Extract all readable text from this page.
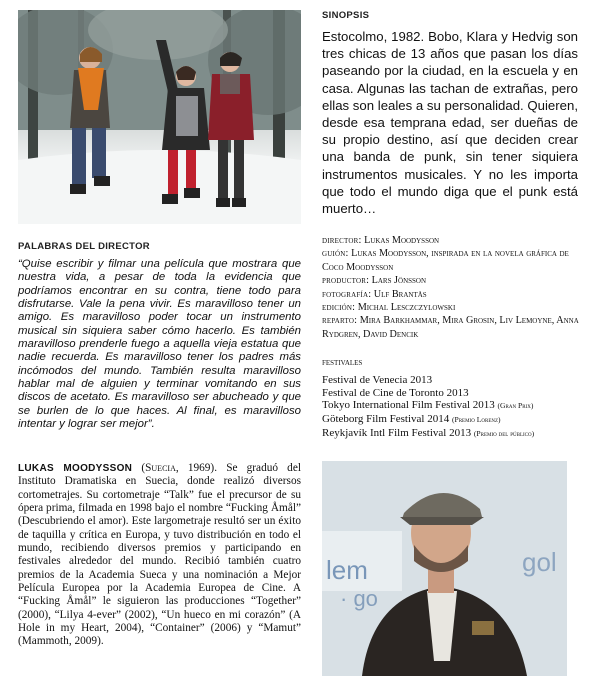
SINOPSIS
Estocolmo, 1982. Bobo, Klara y Hedvig son tres chicas de 13 años que pasan los días paseando por la ciudad, en la escuela y en casa. Algunas las tachan de extrañas, pero ellas son leales a su personalidad. Quieren, desde esa temprana edad, ser dueñas de su propio destino, así que deciden crear una banda de punk, sin tener siquiera instrumentos musicales. Y no les importa que todo el mundo diga que el punk está muerto…
director: Lukas Moodysson
guión: Lukas Moodysson, inspirada en la novela gráfica de Coco Moodysson
productor: Lars Jönsson
fotografía: Ulf Brantås
edición: Michal Lesczczylowski
reparto: Mira Barkhammar, Mira Grosin, Liv Lemoyne, Anna Rydgren, David Dencik
festivales
Festival de Venecia 2013
Festival de Cine de Toronto 2013
Tokyo International Film Festival 2013 (Gran Prix)
Göteborg Film Festival 2014 (Premio Lorenz)
Reykjavík Intl Film Festival 2013 (Premio del público)
PALABRAS DEL DIRECTOR
“Quise escribir y filmar una película que mostrara que nuestra vida, a pesar de toda la evidencia que podríamos encontrar en su contra, tiene todo para disfrutarse. Vale la pena vivir. Es maravilloso tener un amigo. Es maravilloso poder tocar un instrumento musical sin siquiera saber cómo hacerlo. Es también maravilloso prenderle fuego a aquella vieja estatua que nadie recuerda. Es maravilloso tener los padres más incómodos del mundo. También resulta maravilloso hablar mal de alguien y terminar vomitando en sus discos de acetato. Es maravilloso ser abucheado y que se burlen de lo que haces. Al final, es maravilloso intentar y lograr ser mejor”.
LUKAS MOODYSSON (Suecia, 1969). Se graduó del Instituto Dramatiska en Suecia, donde realizó diversos cortometrajes. Su cortometraje “Talk” fue el precursor de su ópera prima, filmada en 1998 bajo el nombre “Fucking Åmål” (Descubriendo el amor). Este largometraje resultó ser un éxito de taquilla y crítica en Europa, y tuvo distribución en todo el mundo, recibiendo diversos premios y participando en festivales alrededor del mundo. Recibió también cuatro premios de la Academia Sueca y una nominación a Mejor Película Europea por la Academia Europea de Cine. A “Fucking Åmål” le siguieron las producciones “Together” (2000), “Lilya 4-ever” (2002), “Un hueco en mi corazón” (A Hole in my Heart, 2004), “Container” (2006) y “Mamut” (Mammoth, 2009).
lem
· go
gol
